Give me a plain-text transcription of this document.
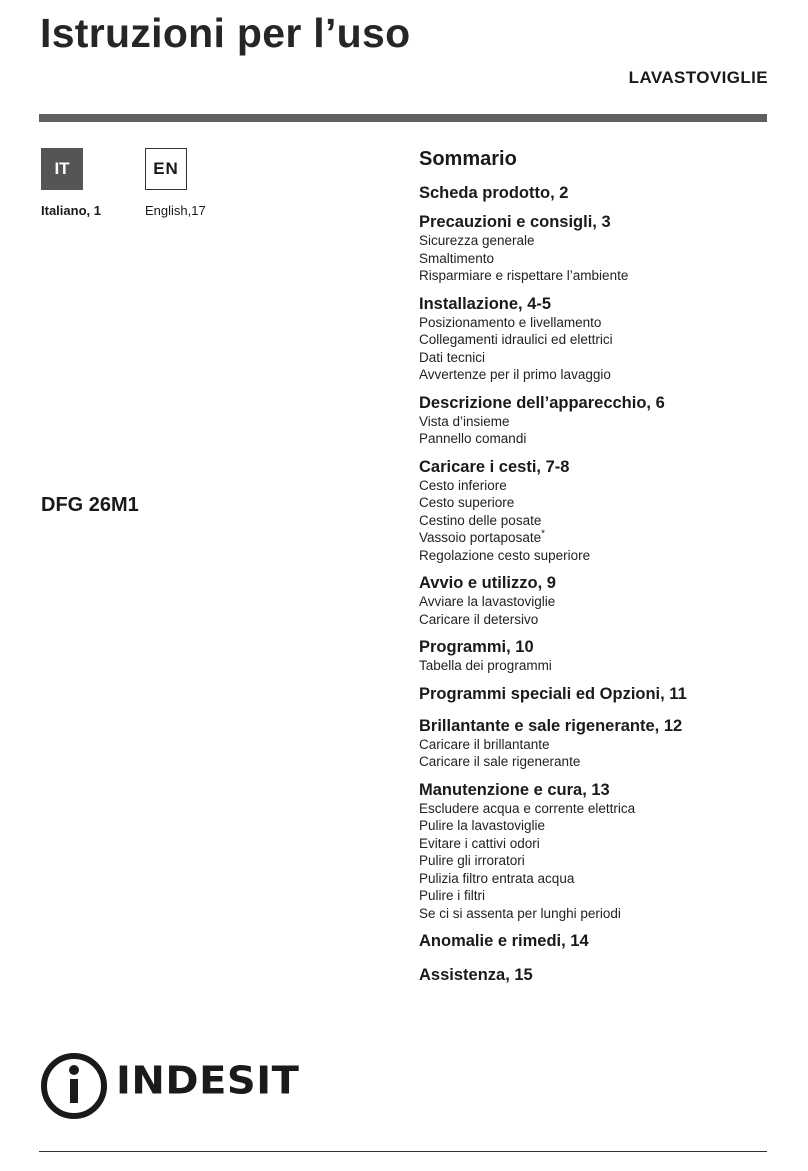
Istruzioni per l’uso
LAVASTOVIGLIE
IT	EN
Italiano, 1	English,17
DFG 26M1
Sommario
Scheda prodotto, 2
Precauzioni e consigli, 3
Sicurezza generale
Smaltimento
Risparmiare e rispettare l’ambiente
Installazione, 4-5
Posizionamento e livellamento
Collegamenti idraulici ed elettrici
Dati tecnici
Avvertenze per il primo lavaggio
Descrizione dell’apparecchio, 6
Vista d’insieme
Pannello comandi
Caricare i cesti, 7-8
Cesto inferiore
Cesto superiore
Cestino delle posate
Vassoio portaposate*
Regolazione cesto superiore
Avvio e utilizzo, 9
Avviare la lavastoviglie
Caricare il detersivo
Programmi, 10
Tabella dei programmi
Programmi speciali ed Opzioni, 11
Brillantante e sale rigenerante, 12
Caricare il brillantante
Caricare il sale rigenerante
Manutenzione e cura, 13
Escludere acqua e corrente elettrica
Pulire la lavastoviglie
Evitare i cattivi odori
Pulire gli irroratori
Pulizia filtro entrata acqua
Pulire i filtri
Se ci si assenta per lunghi periodi
Anomalie e rimedi, 14
Assistenza, 15
INDESIT
